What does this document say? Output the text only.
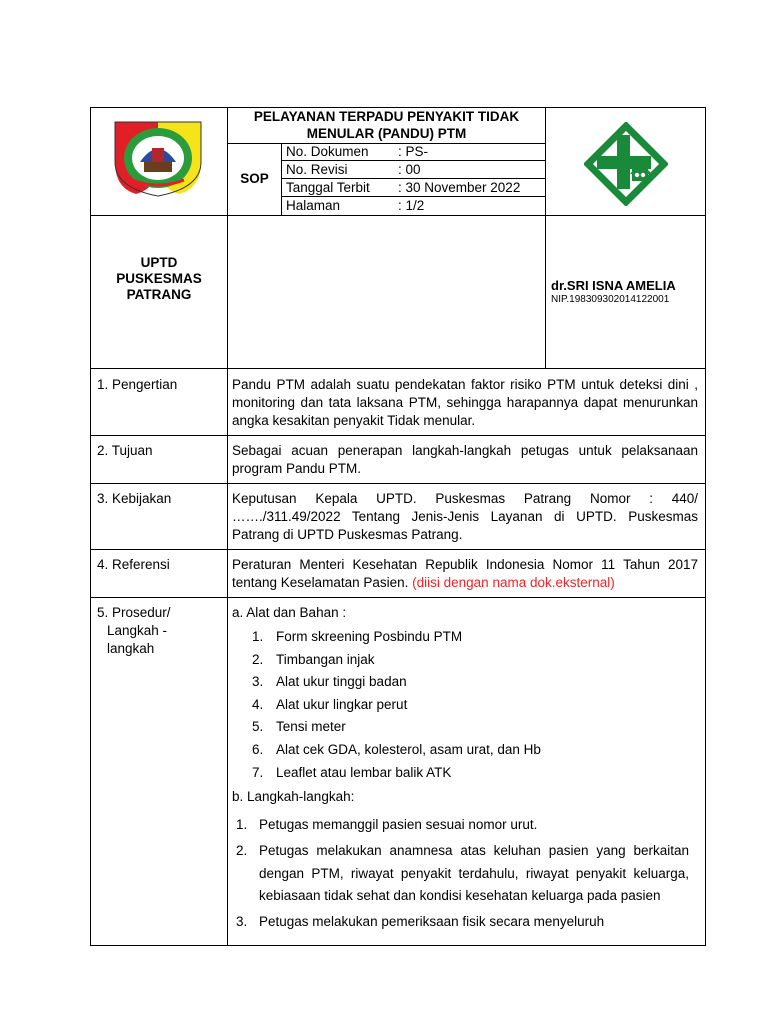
PELAYANAN TERPADU PENYAKIT TIDAK
MENULAR (PANDU) PTM
SOP
No. Dokumen : PS-
No. Revisi	: 00
Tanggal Terbit : 30 November 2022
Halaman	: 1/2
UPTD
PUSKESMAS
PATRANG
dr.SRI ISNA AMELIA
NIP.198309302014122001
1. Pengertian	Pandu PTM adalah suatu pendekatan faktor risiko PTM untuk deteksi dini , monitoring dan tata laksana PTM, sehingga harapannya dapat menurunkan angka kesakitan penyakit Tidak menular.
2. Tujuan	Sebagai acuan penerapan langkah-langkah petugas untuk pelaksanaan program Pandu PTM.
3. Kebijakan	Keputusan Kepala UPTD. Puskesmas Patrang Nomor : 440/ ……./311.49/2022 Tentang Jenis-Jenis Layanan di UPTD. Puskesmas Patrang di UPTD Puskesmas Patrang.
4. Referensi	Peraturan Menteri Kesehatan Republik Indonesia Nomor 11 Tahun 2017 tentang Keselamatan Pasien. (diisi dengan nama dok.eksternal)
5. Prosedur/
Langkah -
langkah
a. Alat dan Bahan :
1. Form skreening Posbindu PTM
2. Timbangan injak
3. Alat ukur tinggi badan
4. Alat ukur lingkar perut
5. Tensi meter
6. Alat cek GDA, kolesterol, asam urat, dan Hb
7. Leaflet atau lembar balik ATK
b. Langkah-langkah:
1. Petugas memanggil pasien sesuai nomor urut.
2. Petugas melakukan anamnesa atas keluhan pasien yang berkaitan dengan PTM, riwayat penyakit terdahulu, riwayat penyakit keluarga, kebiasaan tidak sehat dan kondisi kesehatan keluarga pada pasien
3. Petugas melakukan pemeriksaan fisik secara menyeluruh
